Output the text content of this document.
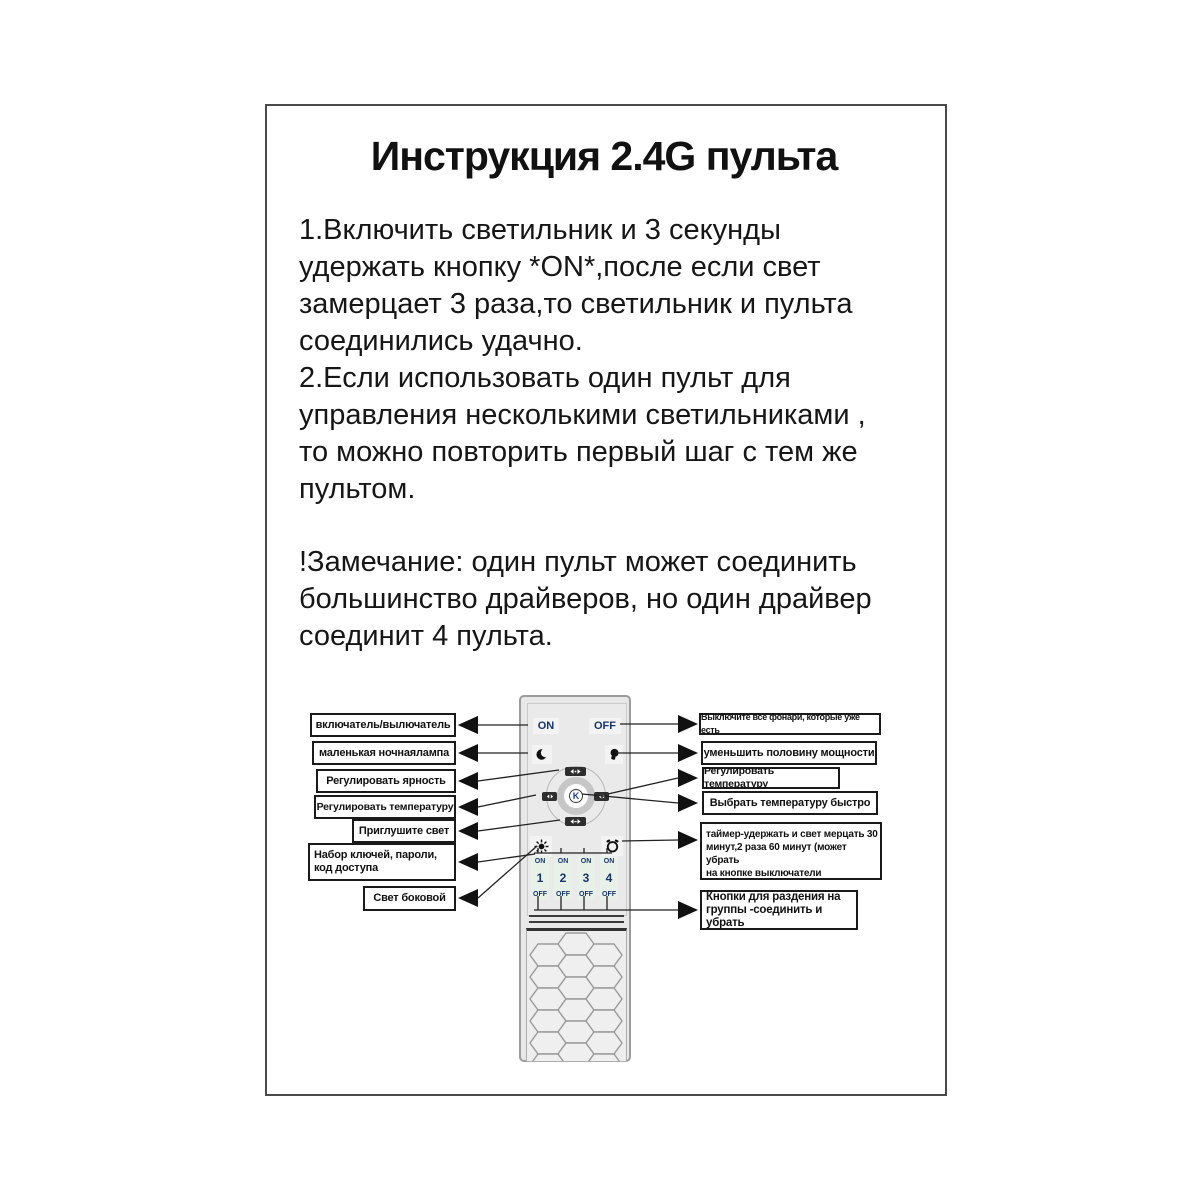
Инструкция 2.4G пульта
1.Включить светильник и 3 секунды
удержать кнопку *ON*,после если свет
замерцает 3 раза,то светильник и пульта
соединились удачно.
2.Если использовать один пульт для
управления несколькими светильниками ,
то можно повторить первый шаг с тем же
пультом.
!Замечание: один пульт может соединить
большинство драйверов, но один драйвер
соединит 4 пульта.
ON	OFF
K
ON
1
OFF
ON
2
OFF
ON
3
OFF
ON
4
OFF
включатель/вылючатель
маленькая ночнаялампа
Регулировать ярность
Регулировать температуру
Приглушите свет
Набор ключей, пароли,
код доступа
Свет боковой
Выключите все фонари, которые уже есть
уменьшить половину мощности
Регулировать температуру
Выбрать температуру быстро
таймер-удержать и свет мерцать 30
минут,2 раза 60 минут (может убрать
на кнопке выключатели
Кнопки для раздения на
группы -соединить и убрать
